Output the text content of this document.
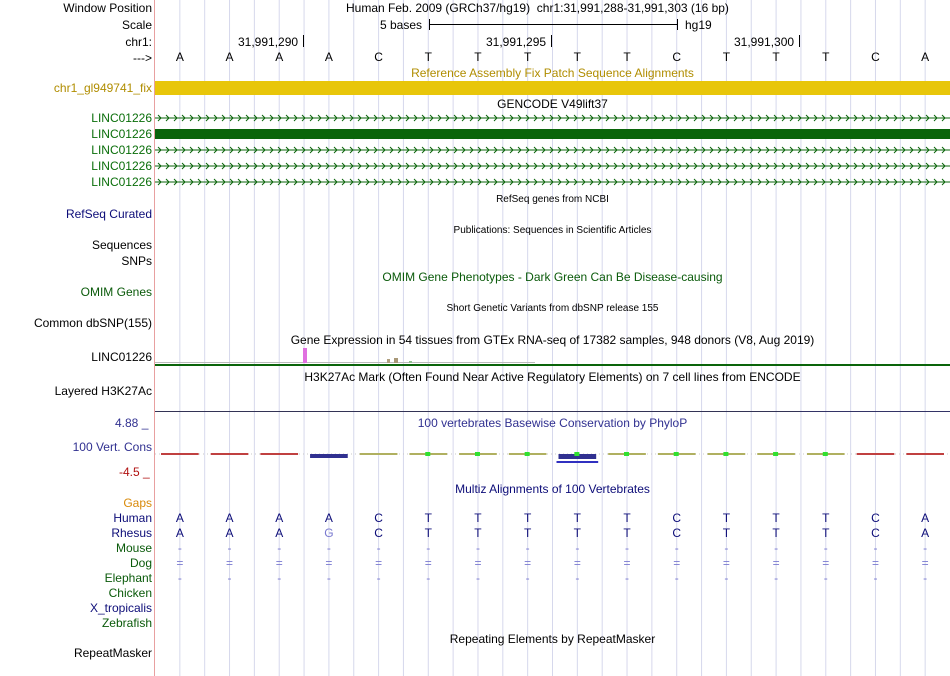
Window Position	Human Feb. 2009 (GRCh37/hg19) chr1:31,991,288-31,991,303 (16 bp)
Scale	5 bases	hg19
chr1:	31,991,290	31,991,295	31,991,300
--->
Reference Assembly Fix Patch Sequence Alignments
chr1_gl949741_fix
GENCODE V49lift37
LINC01226
LINC01226
LINC01226
LINC01226
LINC01226
RefSeq genes from NCBI
RefSeq Curated
Publications: Sequences in Scientific Articles
Sequences
SNPs
OMIM Gene Phenotypes - Dark Green Can Be Disease-causing
OMIM Genes
Short Genetic Variants from dbSNP release 155
Common dbSNP(155)
Gene Expression in 54 tissues from GTEx RNA-seq of 17382 samples, 948 donors (V8, Aug 2019)
LINC01226
H3K27Ac Mark (Often Found Near Active Regulatory Elements) on 7 cell lines from ENCODE
Layered H3K27Ac
100 vertebrates Basewise Conservation by PhyloP
4.88 _
100 Vert. Cons
-4.5 _
Multiz Alignments of 100 Vertebrates
Gaps
Repeating Elements by RepeatMasker
RepeatMasker
A	A	A	A	C	T	T	T	T	T	C	T	T	T	C	A
Human A	A	A	A	C	T	T	T	T	T	C	T	T	T	C	A
Rhesus A	A	A	G	C	T	T	T	T	T	C	T	T	T	C	A
Mouse -	-	-	-	-	-	-	-	-	-	-	-	-	-	-	-
Dog =	=	=	=	=	=	=	=	=	=	=	=	=	=	=	=
Elephant -	-	-	-	-	-	-	-	-	-	-	-	-	-	-	-
Chicken
X_tropicalis
Zebrafish
